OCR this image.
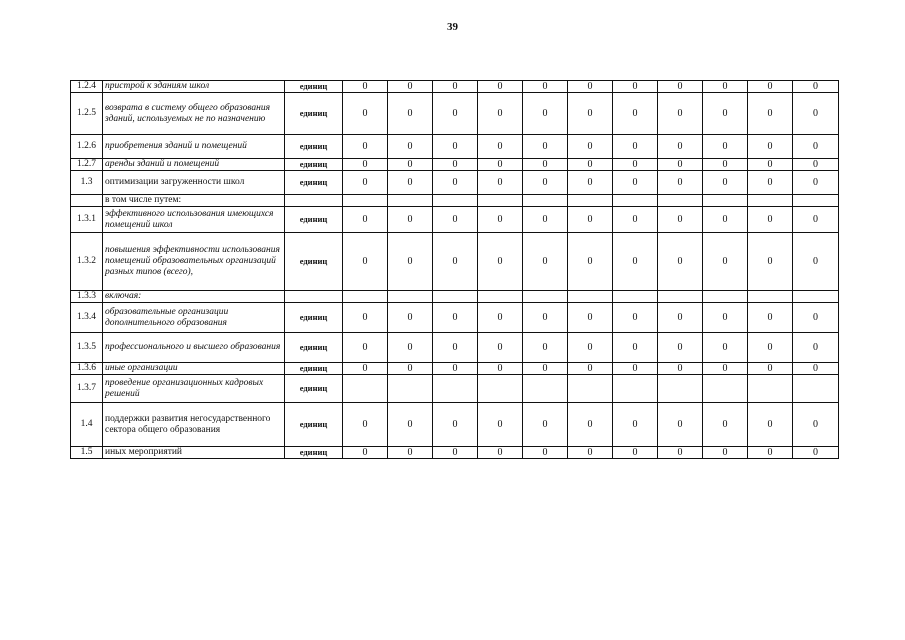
39
1.2.4	пристрой к зданиям школ	единиц	0	0	0	0	0	0	0	0	0	0	0
1.2.5	возврата в систему общего образования зданий, используемых не по назначению	единиц	0	0	0	0	0	0	0	0	0	0	0
1.2.6	приобретения зданий и помещений	единиц	0	0	0	0	0	0	0	0	0	0	0
1.2.7	аренды зданий и помещений	единиц	0	0	0	0	0	0	0	0	0	0	0
1.3	оптимизации загруженности школ	единиц	0	0	0	0	0	0	0	0	0	0	0
	в том числе путем:												
1.3.1	эффективного использования имеющихся помещений школ	единиц	0	0	0	0	0	0	0	0	0	0	0
1.3.2	повышения эффективности использования помещений образовательных организаций разных типов (всего),	единиц	0	0	0	0	0	0	0	0	0	0	0
1.3.3	включая:												
1.3.4	образовательные организации дополнительного образования	единиц	0	0	0	0	0	0	0	0	0	0	0
1.3.5	профессионального и высшего образования	единиц	0	0	0	0	0	0	0	0	0	0	0
1.3.6	иные организации	единиц	0	0	0	0	0	0	0	0	0	0	0
1.3.7	проведение организационных кадровых решений	единиц											
1.4	поддержки развития негосударственного сектора общего образования	единиц	0	0	0	0	0	0	0	0	0	0	0
1.5	иных мероприятий	единиц	0	0	0	0	0	0	0	0	0	0	0
